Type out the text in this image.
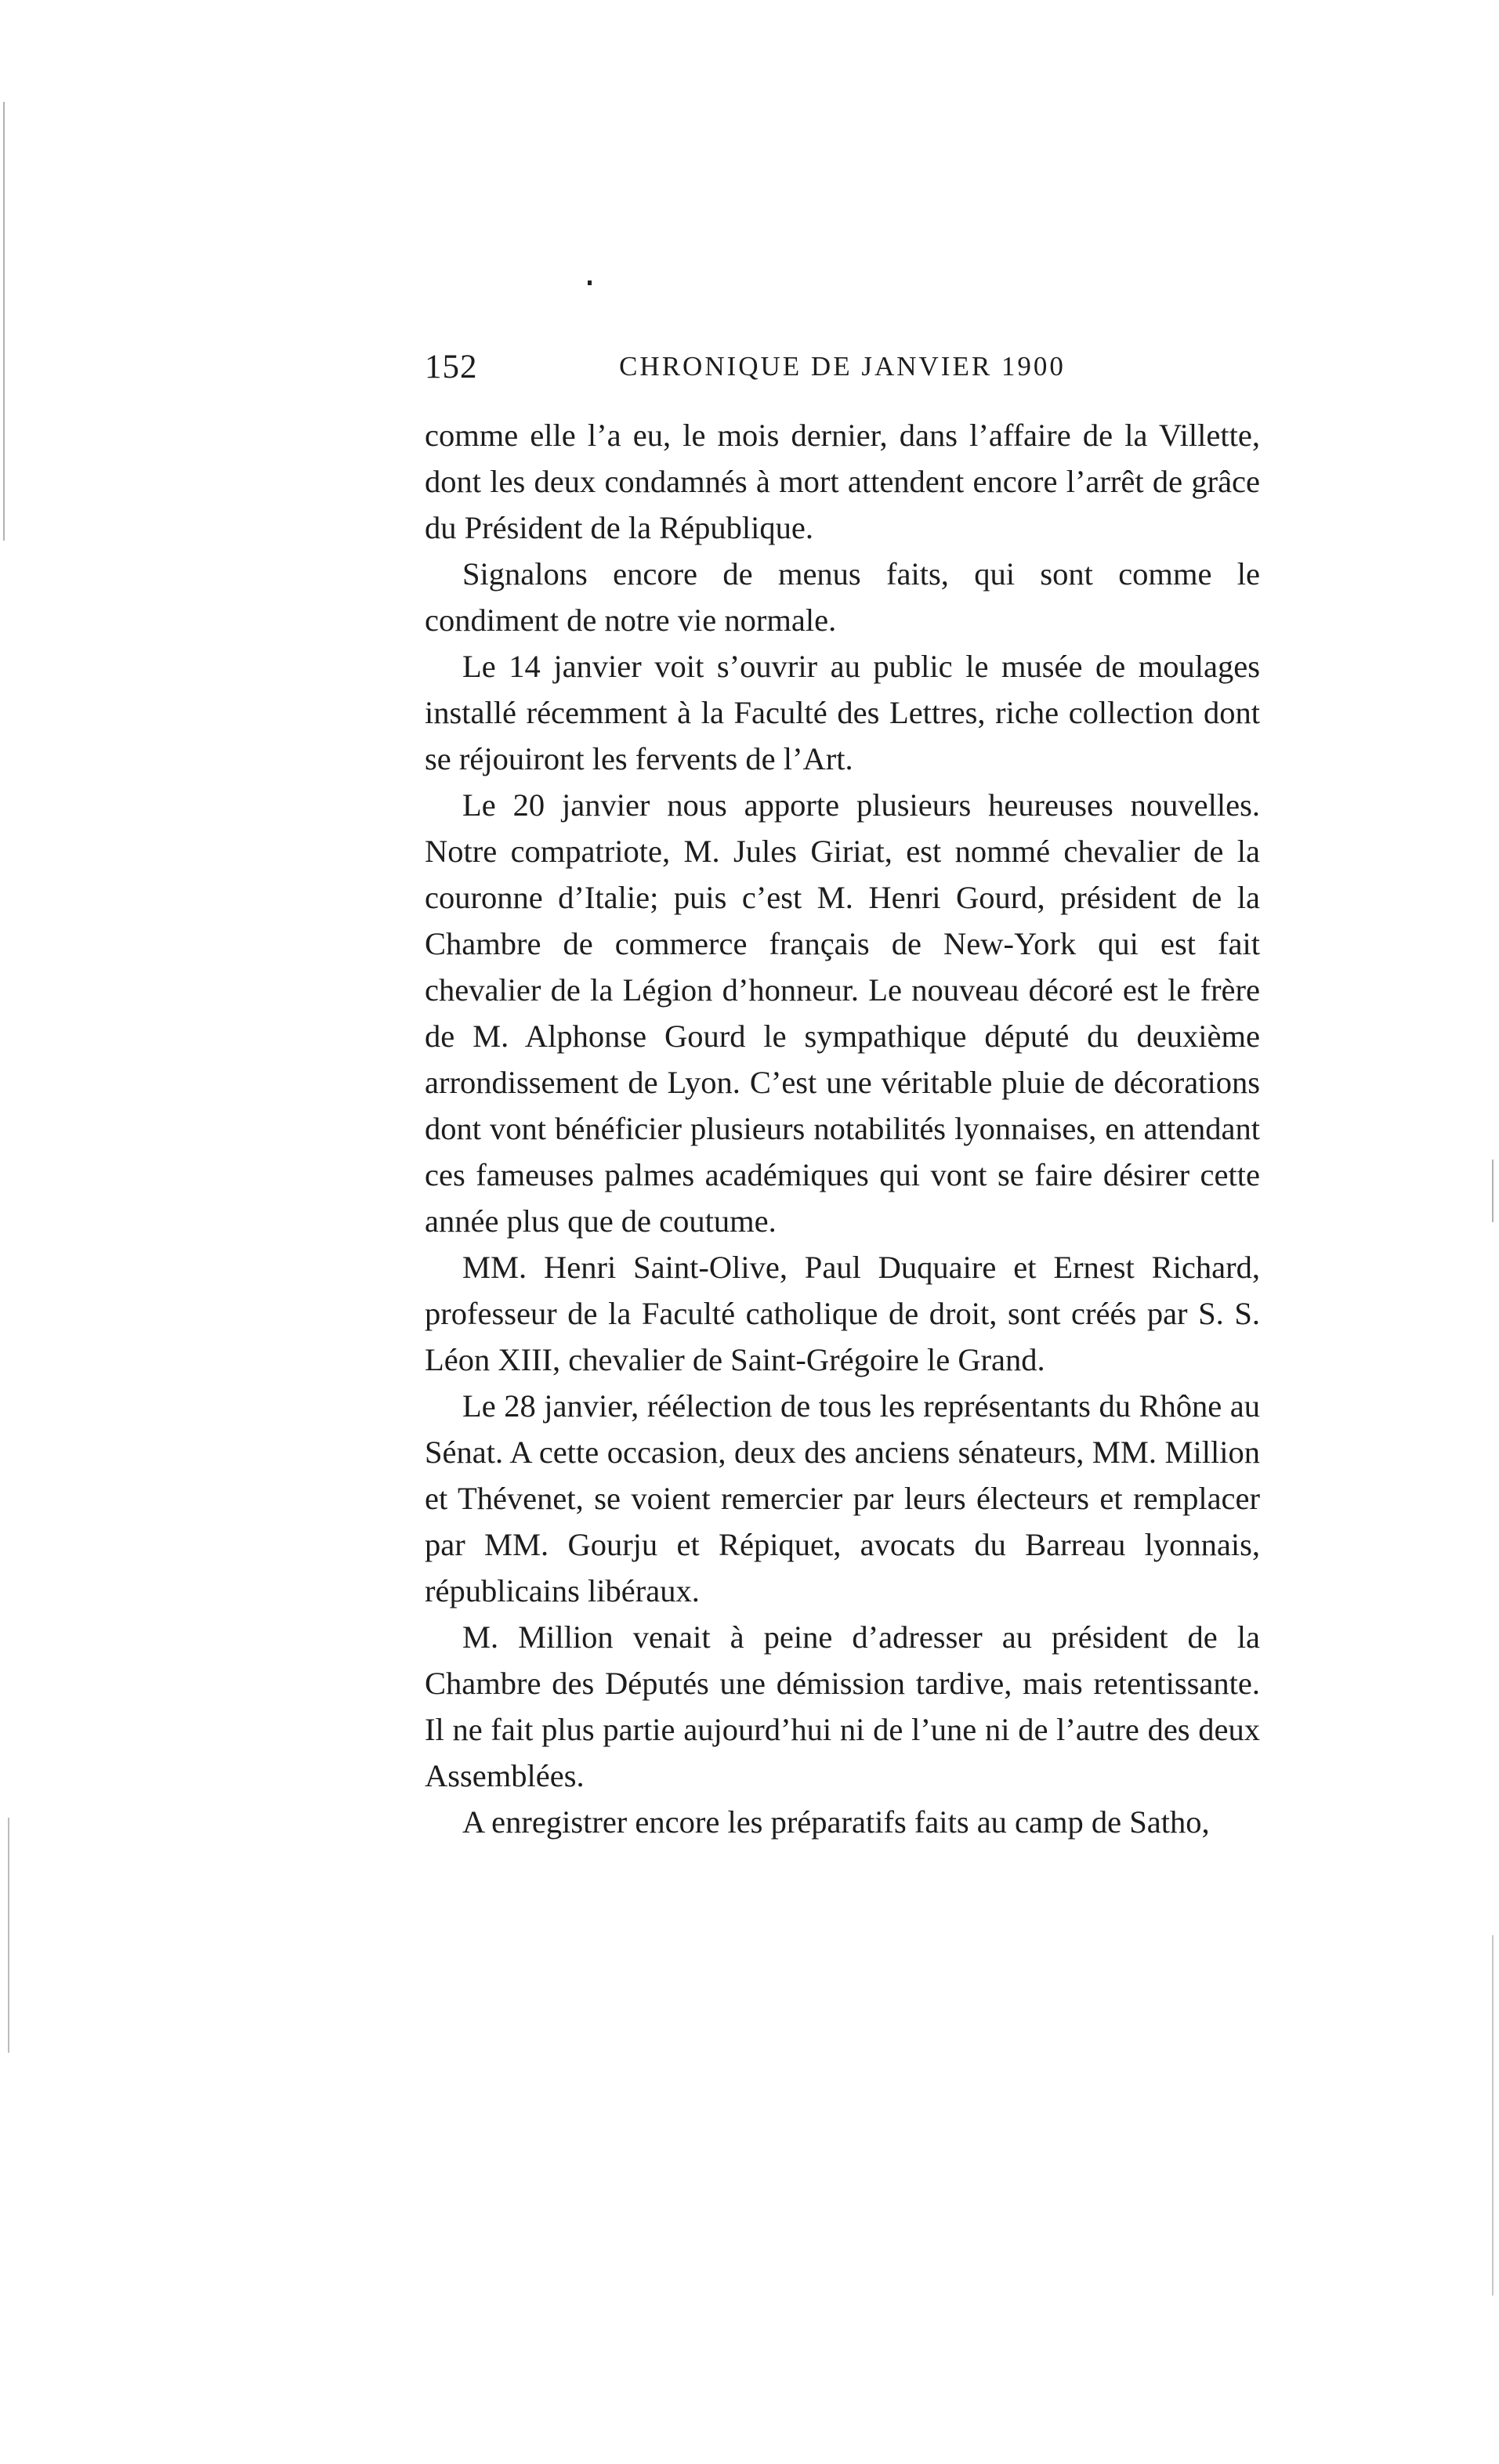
152	CHRONIQUE DE JANVIER 1900

comme elle l’a eu, le mois dernier, dans l’affaire de la Villette, dont les deux condamnés à mort attendent encore l’arrêt de grâce du Président de la République.

Signalons encore de menus faits, qui sont comme le condiment de notre vie normale.

Le 14 janvier voit s’ouvrir au public le musée de moulages installé récemment à la Faculté des Lettres, riche collection dont se réjouiront les fervents de l’Art.

Le 20 janvier nous apporte plusieurs heureuses nouvelles. Notre compatriote, M. Jules Giriat, est nommé chevalier de la couronne d’Italie; puis c’est M. Henri Gourd, président de la Chambre de commerce français de New-York qui est fait chevalier de la Légion d’honneur. Le nouveau décoré est le frère de M. Alphonse Gourd le sympathique député du deuxième arrondissement de Lyon. C’est une véritable pluie de décorations dont vont bénéficier plusieurs notabilités lyonnaises, en attendant ces fameuses palmes académiques qui vont se faire désirer cette année plus que de coutume.

MM. Henri Saint-Olive, Paul Duquaire et Ernest Richard, professeur de la Faculté catholique de droit, sont créés par S. S. Léon XIII, chevalier de Saint-Grégoire le Grand.

Le 28 janvier, réélection de tous les représentants du Rhône au Sénat. A cette occasion, deux des anciens sénateurs, MM. Million et Thévenet, se voient remercier par leurs électeurs et remplacer par MM. Gourju et Répiquet, avocats du Barreau lyonnais, républicains libéraux.

M. Million venait à peine d’adresser au président de la Chambre des Députés une démission tardive, mais retentissante. Il ne fait plus partie aujourd’hui ni de l’une ni de l’autre des deux Assemblées.

A enregistrer encore les préparatifs faits au camp de Satho,
